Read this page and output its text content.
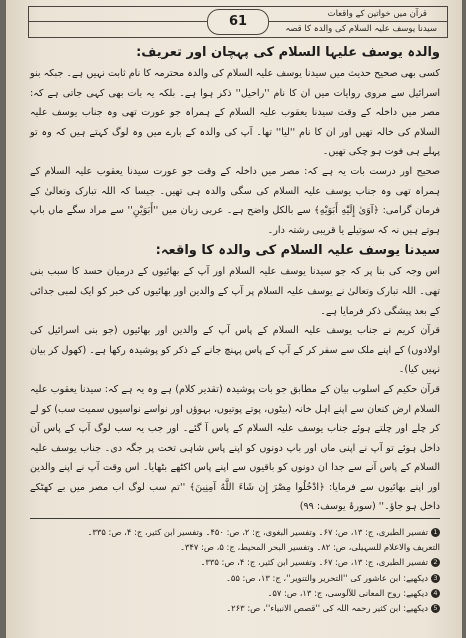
قرآن میں خواتین کے واقعات
سیدنا یوسف علیہ السلام کی والدہ کا قصہ
61
والدہ یوسف علیہا السلام کی پہچان اور تعریف:

کسی بھی صحیح حدیث میں سیدنا یوسف علیہ السلام کی والدہ محترمہ کا نام ثابت نہیں ہے۔ جبکہ بنو اسرائیل سے مروی روایات میں ان کا نام ''راحیل'' ذکر ہوا ہے۔ بلکہ یہ بات بھی کہی جاتی ہے کہ: مصر میں داخلہ کے وقت سیدنا یعقوب علیہ السلام کے ہمراہ جو عورت تھی وہ جناب یوسف علیہ السلام کی خالہ تھیں اور ان کا نام ''لیا'' تھا۔ آپ کی والدہ کے بارے میں وہ لوگ کہتے ہیں کہ وہ تو پہلے ہی فوت ہو چکی تھیں۔

صحیح اور درست بات یہ ہے کہ: مصر میں داخلہ کے وقت جو عورت سیدنا یعقوب علیہ السلام کے ہمراہ تھی وہ جناب یوسف علیہ السلام کی سگی والدہ ہی تھیں۔ جیسا کہ اللہ تبارک وتعالیٰ کے فرمان گرامی: ﴿آوَىٰ إِلَيْهِ أَبَوَيْهِ﴾ سے بالکل واضح ہے۔ عربی زبان میں ''أَبَوَيْنِ'' سے مراد سگے ماں باپ ہوتے ہیں نہ کہ سوتیلے یا قریبی رشتہ دار۔

سیدنا یوسف علیہ السلام کی والدہ کا واقعہ:

اس وجہ کی بنا پر کہ جو سیدنا یوسف علیہ السلام اور آپ کے بھائیوں کے درمیان حسد کا سبب بنی تھی۔ اللہ تبارک وتعالیٰ نے یوسف علیہ السلام پر آپ کے والدین اور بھائیوں کی خبر کو ایک لمبی جدائی کے بعد پیشگی ذکر فرمایا ہے۔

قرآن کریم نے جناب یوسف علیہ السلام کے پاس آپ کے والدین اور بھائیوں (جو بنی اسرائیل کی اولادوں) کے اپنے ملک سے سفر کر کے آپ کے پاس پہنچ جانے کے ذکر کو پوشیدہ رکھا ہے۔ (کھول کر بیان نہیں کیا)۔

قرآن حکیم کے اسلوب بیان کے مطابق جو بات پوشیدہ (تقدیر کلام) ہے وہ یہ ہے کہ: سیدنا یعقوب علیہ السلام ارض کنعان سے اپنے اہل خانہ (بیٹوں، پوتے پوتیوں، بہوؤں اور نواسے نواسیوں سمیت سب) کو لے کر چلے اور چلتے ہوئے جناب یوسف علیہ السلام کے پاس آ گئے۔ اور جب یہ سب لوگ آپ کے پاس آن داخل ہوئے تو آپ نے اپنی ماں اور باپ دونوں کو اپنے پاس شاہی تخت پر جگہ دی۔ جناب یوسف علیہ السلام کے پاس آنے سے جدا ان دونوں کو باقیوں سے اپنے پاس اکٹھے بٹھایا۔ اس وقت آپ نے اپنے والدین اور اپنے بھائیوں سے فرمایا: ﴿ادْخُلُوا مِصْرَ إِن شَاءَ اللَّهُ آمِنِينَ﴾ ''تم سب لوگ اب مصر میں بے کھٹکے داخل ہو جاؤ۔'' (سورۂ یوسف: ۹۹)

1تفسیر الطبری، ج: ۱۳، ص: ۶۷۔ وتفسیر البغوی، ج: ۲، ص: ۴۵۰۔ وتفسیر ابن کثیر، ج: ۴، ص: ۳۳۵۔

التعریف والاعلام للسہیلی، ص: ۸۲۔ وتفسیر البحر المحیط، ج: ۵، ص: ۳۴۷۔

2تفسیر الطبری، ج: ۱۳، ص: ۶۷۔ وتفسیر ابن کثیر، ج: ۴، ص: ۳۳۵۔

3دیکھیے: ابن عاشور کی ''التحریر والتنویر''، ج: ۱۳، ص: ۵۵۔

4دیکھیے: روح المعانی للآلوسی، ج: ۱۳، ص: ۵۷۔

5دیکھیے: ابن کثیر رحمہ اللہ کی ''قصص الانبیاء''، ص: ۲۶۳۔
